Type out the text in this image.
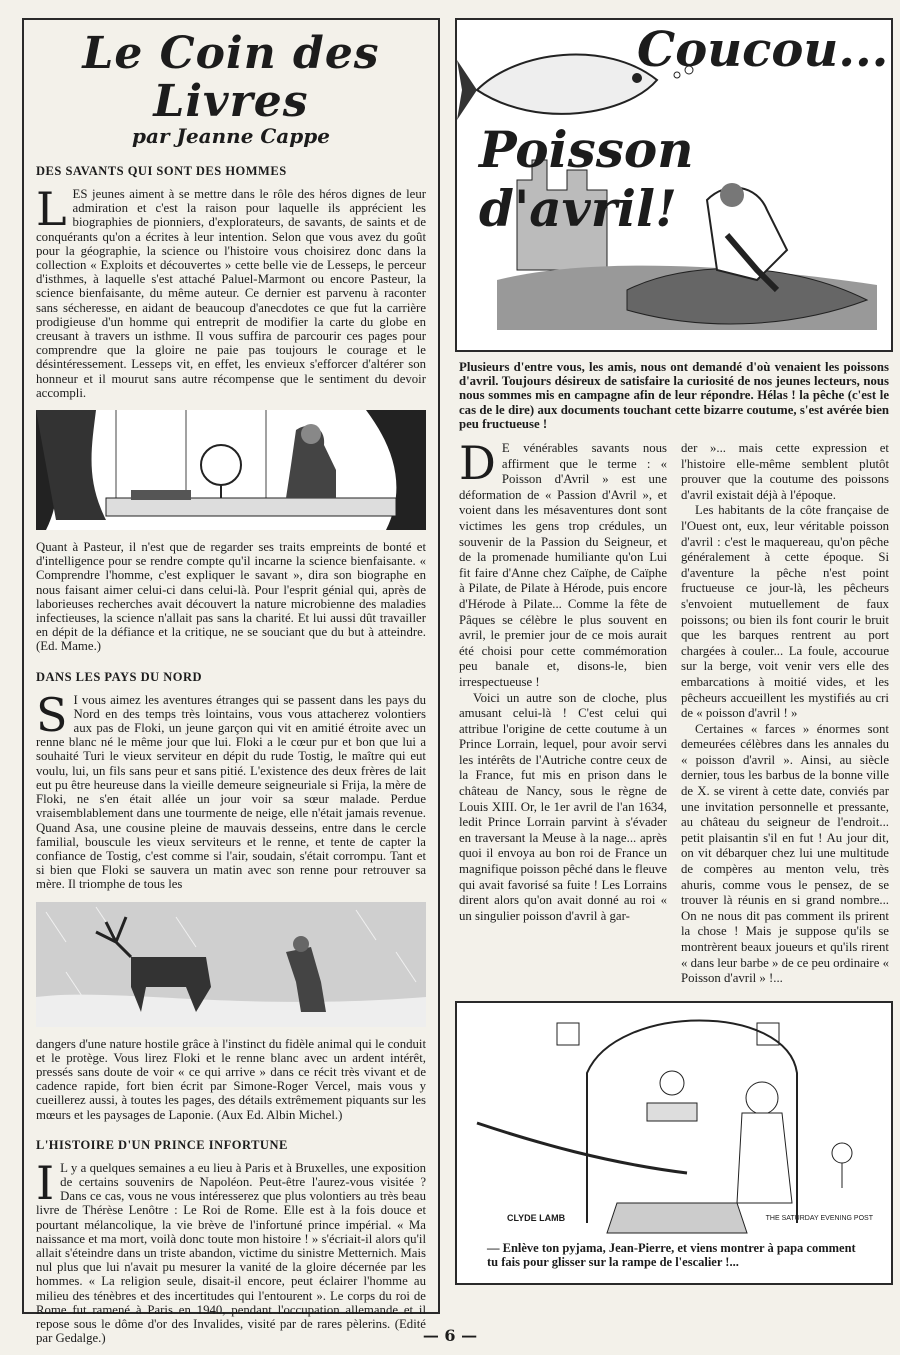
Le Coin des Livres
par Jeanne Cappe
DES SAVANTS QUI SONT DES HOMMES

LES jeunes aiment à se mettre dans le rôle des héros dignes de leur admiration et c'est la raison pour laquelle ils apprécient les biographies de pionniers, d'explorateurs, de savants, de saints et de conquérants qu'on a écrites à leur intention. Selon que vous avez du goût pour la géographie, la science ou l'histoire vous choisirez donc dans la collection « Exploits et découvertes » cette belle vie de Lesseps, le perceur d'isthmes, à laquelle s'est attaché Paluel-Marmont ou encore Pasteur, la science bienfaisante, du même auteur. Ce dernier est parvenu à raconter sans sécheresse, en aidant de beaucoup d'anecdotes ce que fut la carrière prodigieuse d'un homme qui entreprit de modifier la carte du globe en creusant à travers un isthme. Il vous suffira de parcourir ces pages pour comprendre que la gloire ne paie pas toujours le courage et le désintéressement. Lesseps vit, en effet, les envieux s'efforcer d'altérer son honneur et il mourut sans autre récompense que le sentiment du devoir accompli.

Quant à Pasteur, il n'est que de regarder ses traits empreints de bonté et d'intelligence pour se rendre compte qu'il incarne la science bienfaisante. « Comprendre l'homme, c'est expliquer le savant », dira son biographe en nous faisant aimer celui-ci dans celui-là. Pour l'esprit génial qui, après de laborieuses recherches avait découvert la nature microbienne des maladies infectieuses, la science n'allait pas sans la charité. Et lui aussi dût travailler en dépit de la défiance et la critique, ne se souciant que du but à atteindre. (Ed. Mame.)

DANS LES PAYS DU NORD

S I vous aimez les aventures étranges qui se passent dans les pays du Nord en des temps très lointains, vous vous attacherez volontiers aux pas de Floki, un jeune garçon qui vit en amitié étroite avec un renne blanc né le même jour que lui. Floki a le cœur pur et bon que lui a souhaité Turi le vieux serviteur en dépit du rude Tostig, le maître qui eut voulu, lui, un fils sans peur et sans pitié. L'existence des deux frères de lait eut pu être heureuse dans la vieille demeure seigneuriale si Frija, la mère de Floki, ne s'en était allée un jour voir sa sœur malade. Perdue vraisemblablement dans une tourmente de neige, elle n'était jamais revenue. Quand Asa, une cousine pleine de mauvais desseins, entre dans le cercle familial, bouscule les vieux serviteurs et le renne, et tente de capter la confiance de Tostig, c'est comme si l'air, soudain, s'était corrompu. Tant et si bien que Floki se sauvera un matin avec son renne pour retrouver sa mère. Il triomphe de tous les

dangers d'une nature hostile grâce à l'instinct du fidèle animal qui le conduit et le protège. Vous lirez Floki et le renne blanc avec un ardent intérêt, pressés sans doute de voir « ce qui arrive » dans ce récit très vivant et de cadence rapide, fort bien écrit par Simone-Roger Vercel, mais vous y cueillerez aussi, à toutes les pages, des détails extrêmement piquants sur les mœurs et les paysages de Laponie. (Aux Ed. Albin Michel.)

L'HISTOIRE D'UN PRINCE INFORTUNE

I L y a quelques semaines a eu lieu à Paris et à Bruxelles, une exposition de certains souvenirs de Napoléon. Peut-être l'aurez-vous visitée ? Dans ce cas, vous ne vous intéresserez que plus volontiers au très beau livre de Thérèse Lenôtre : Le Roi de Rome. Elle est à la fois douce et pourtant mélancolique, la vie brève de l'infortuné prince impérial. « Ma naissance et ma mort, voilà donc toute mon histoire ! » s'écriait-il alors qu'il allait s'éteindre dans un triste abandon, victime du sinistre Metternich. Mais nul plus que lui n'avait pu mesurer la vanité de la gloire décernée par les hommes. « La religion seule, disait-il encore, peut éclairer l'homme au milieu des ténèbres et des incertitudes qui l'entourent ». Le corps du roi de Rome fut ramené à Paris en 1940, pendant l'occupation allemande et il repose sous le dôme d'or des Invalides, visité par de rares pèlerins. (Edité par Gedalge.)

Coucou...
Poisson d'avril!

Plusieurs d'entre vous, les amis, nous ont demandé d'où venaient les poissons d'avril. Toujours désireux de satisfaire la curiosité de nos jeunes lecteurs, nous nous sommes mis en campagne afin de leur répondre. Hélas ! la pêche (c'est le cas de le dire) aux documents touchant cette bizarre coutume, s'est avérée bien peu fructueuse !

D E vénérables savants nous affirment que le terme : « Poisson d'Avril » est une déformation de « Passion d'Avril », et voient dans les mésaventures dont sont victimes les gens trop crédules, un souvenir de la Passion du Seigneur, et de la promenade humiliante qu'on Lui fit faire d'Anne chez Caïphe, de Caïphe à Pilate, de Pilate à Hérode, puis encore d'Hérode à Pilate... Comme la fête de Pâques se célèbre le plus souvent en avril, le premier jour de ce mois aurait été choisi pour cette commémoration peu banale et, disons-le, bien irrespectueuse !

Voici un autre son de cloche, plus amusant celui-là ! C'est celui qui attribue l'origine de cette coutume à un Prince Lorrain, lequel, pour avoir servi les intérêts de l'Autriche contre ceux de la France, fut mis en prison dans le château de Nancy, sous le règne de Louis XIII. Or, le 1er avril de l'an 1634, ledit Prince Lorrain parvint à s'évader en traversant la Meuse à la nage... après quoi il envoya au bon roi de France un magnifique poisson pêché dans le fleuve qui avait favorisé sa fuite ! Les Lorrains dirent alors qu'on avait donné au roi « un singulier poisson d'avril à gar-

der »... mais cette expression et l'histoire elle-même semblent plutôt prouver que la coutume des poissons d'avril existait déjà à l'époque.

Les habitants de la côte française de l'Ouest ont, eux, leur véritable poisson d'avril : c'est le maquereau, qu'on pêche généralement à cette époque. Si d'aventure la pêche n'est point fructueuse ce jour-là, les pêcheurs s'envoient mutuellement de faux poissons; ou bien ils font courir le bruit que les barques rentrent au port chargées à couler... La foule, accourue sur la berge, voit venir vers elle des embarcations à moitié vides, et les pêcheurs accueillent les mystifiés au cri de « poisson d'avril ! »

Certaines « farces » énormes sont demeurées célèbres dans les annales du « poisson d'avril ». Ainsi, au siècle dernier, tous les barbus de la bonne ville de X. se virent à cette date, conviés par une invitation personnelle et pressante, au château du seigneur de l'endroit... petit plaisantin s'il en fut ! Au jour dit, on vit débarquer chez lui une multitude de compères au menton velu, très ahuris, comme vous le pensez, de se trouver là réunis en si grand nombre... On ne nous dit pas comment ils prirent la chose ! Mais je suppose qu'ils se montrèrent beaux joueurs et qu'ils rirent « dans leur barbe » de ce peu ordinaire « Poisson d'avril » !...

CLYDE LAMB	THE SATURDAY EVENING POST
— Enlève ton pyjama, Jean-Pierre, et viens montrer à papa comment tu fais pour glisser sur la rampe de l'escalier !...
— 6 —
